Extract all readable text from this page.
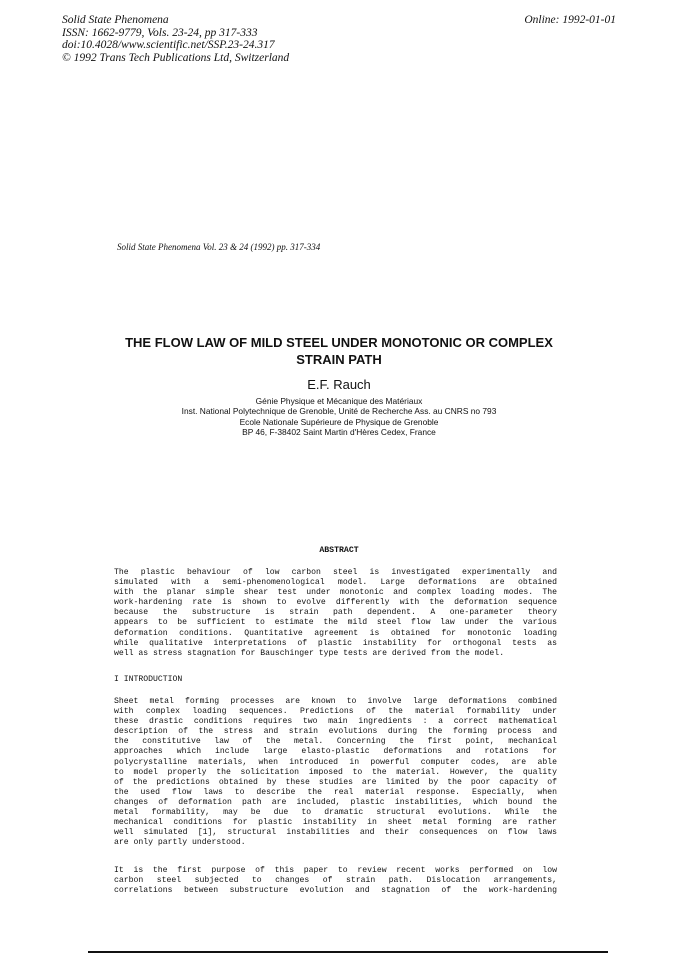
Solid State Phenomena
ISSN: 1662-9779, Vols. 23-24, pp 317-333
doi:10.4028/www.scientific.net/SSP.23-24.317
© 1992 Trans Tech Publications Ltd, Switzerland
Online: 1992-01-01
Solid State Phenomena Vol. 23 & 24 (1992) pp. 317-334
THE FLOW LAW OF MILD STEEL UNDER MONOTONIC OR COMPLEX
STRAIN PATH
E.F. Rauch
Génie Physique et Mécanique des Matériaux
Inst. National Polytechnique de Grenoble, Unité de Recherche Ass. au CNRS no 793
Ecole Nationale Supérieure de Physique de Grenoble
BP 46, F-38402 Saint Martin d'Hères Cedex, France
ABSTRACT
The plastic behaviour of low carbon steel is investigated experimentally and
simulated with a semi-phenomenological model. Large deformations are obtained
with the planar simple shear test under monotonic and complex loading modes. The
work-hardening rate is shown to evolve differently with the deformation sequence
because the substructure is strain path dependent. A one-parameter theory
appears to be sufficient to estimate the mild steel flow law under the various
deformation conditions. Quantitative agreement is obtained for monotonic loading
while qualitative interpretations of plastic instability for orthogonal tests as
well as stress stagnation for Bauschinger type tests are derived from the model.
I INTRODUCTION
Sheet metal forming processes are known to involve large deformations combined
with complex loading sequences. Predictions of the material formability under
these drastic conditions requires two main ingredients : a correct mathematical
description of the stress and strain evolutions during the forming process and
the constitutive law of the metal. Concerning the first point, mechanical
approaches which include large elasto-plastic deformations and rotations for
polycrystalline materials, when introduced in powerful computer codes, are able
to model properly the solicitation imposed to the material. However, the quality
of the predictions obtained by these studies are limited by the poor capacity of
the used flow laws to describe the real material response. Especially, when
changes of deformation path are included, plastic instabilities, which bound the
metal formability, may be due to dramatic structural evolutions. While the
mechanical conditions for plastic instability in sheet metal forming are rather
well simulated [1], structural instabilities and their consequences on flow laws
are only partly understood.
It is the first purpose of this paper to review recent works performed on low
carbon steel subjected to changes of strain path. Dislocation arrangements,
correlations between substructure evolution and stagnation of the work-hardening
